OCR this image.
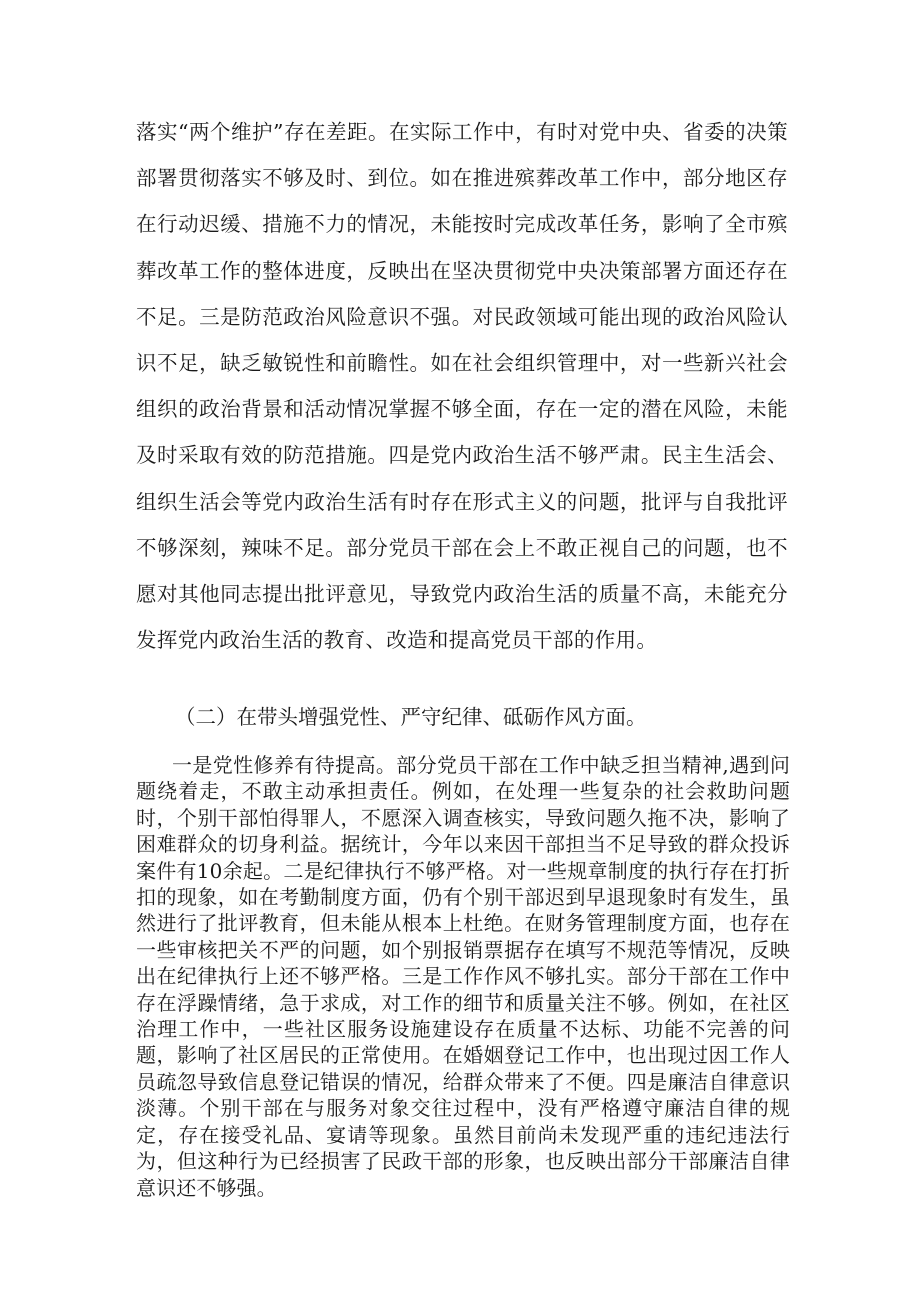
落实“两个维护”存在差距。在实际工作中，有时对党中央、省委的决策部署贯彻落实不够及时、到位。如在推进殡葬改革工作中，部分地区存在行动迟缓、措施不力的情况，未能按时完成改革任务，影响了全市殡葬改革工作的整体进度，反映出在坚决贯彻党中央决策部署方面还存在不足。三是防范政治风险意识不强。对民政领域可能出现的政治风险认识不足，缺乏敏锐性和前瞻性。如在社会组织管理中，对一些新兴社会组织的政治背景和活动情况掌握不够全面，存在一定的潜在风险，未能及时采取有效的防范措施。四是党内政治生活不够严肃。民主生活会、组织生活会等党内政治生活有时存在形式主义的问题，批评与自我批评不够深刻，辣味不足。部分党员干部在会上不敢正视自己的问题，也不愿对其他同志提出批评意见，导致党内政治生活的质量不高，未能充分发挥党内政治生活的教育、改造和提高党员干部的作用。

（二）在带头增强党性、严守纪律、砥砺作风方面。

一是党性修养有待提高。部分党员干部在工作中缺乏担当精神,遇到问题绕着走，不敢主动承担责任。例如，在处理一些复杂的社会救助问题时，个别干部怕得罪人，不愿深入调查核实，导致问题久拖不决，影响了困难群众的切身利益。据统计，今年以来因干部担当不足导致的群众投诉案件有10余起。二是纪律执行不够严格。对一些规章制度的执行存在打折扣的现象，如在考勤制度方面，仍有个别干部迟到早退现象时有发生，虽然进行了批评教育，但未能从根本上杜绝。在财务管理制度方面，也存在一些审核把关不严的问题，如个别报销票据存在填写不规范等情况，反映出在纪律执行上还不够严格。三是工作作风不够扎实。部分干部在工作中存在浮躁情绪，急于求成，对工作的细节和质量关注不够。例如，在社区治理工作中，一些社区服务设施建设存在质量不达标、功能不完善的问题，影响了社区居民的正常使用。在婚姻登记工作中，也出现过因工作人员疏忽导致信息登记错误的情况，给群众带来了不便。四是廉洁自律意识淡薄。个别干部在与服务对象交往过程中，没有严格遵守廉洁自律的规定，存在接受礼品、宴请等现象。虽然目前尚未发现严重的违纪违法行为，但这种行为已经损害了民政干部的形象，也反映出部分干部廉洁自律意识还不够强。
